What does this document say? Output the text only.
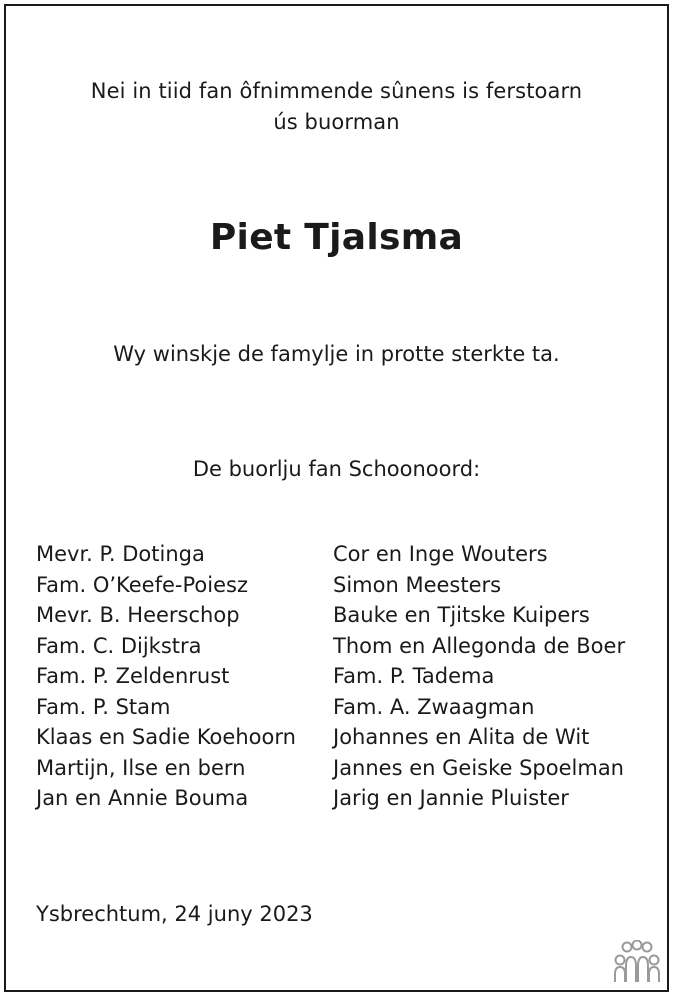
Nei in tiid fan ôfnimmende sûnens is ferstoarn
ús buorman
Piet Tjalsma
Wy winskje de famylje in protte sterkte ta.
De buorlju fan Schoonoord:
Mevr. P. Dotinga
Fam. O’Keefe-Poiesz
Mevr. B. Heerschop
Fam. C. Dijkstra
Fam. P. Zeldenrust
Fam. P. Stam
Klaas en Sadie Koehoorn
Martijn, Ilse en bern
Jan en Annie Bouma
Cor en Inge Wouters
Simon Meesters
Bauke en Tjitske Kuipers
Thom en Allegonda de Boer
Fam. P. Tadema
Fam. A. Zwaagman
Johannes en Alita de Wit
Jannes en Geiske Spoelman
Jarig en Jannie Pluister
Ysbrechtum, 24 juny 2023
